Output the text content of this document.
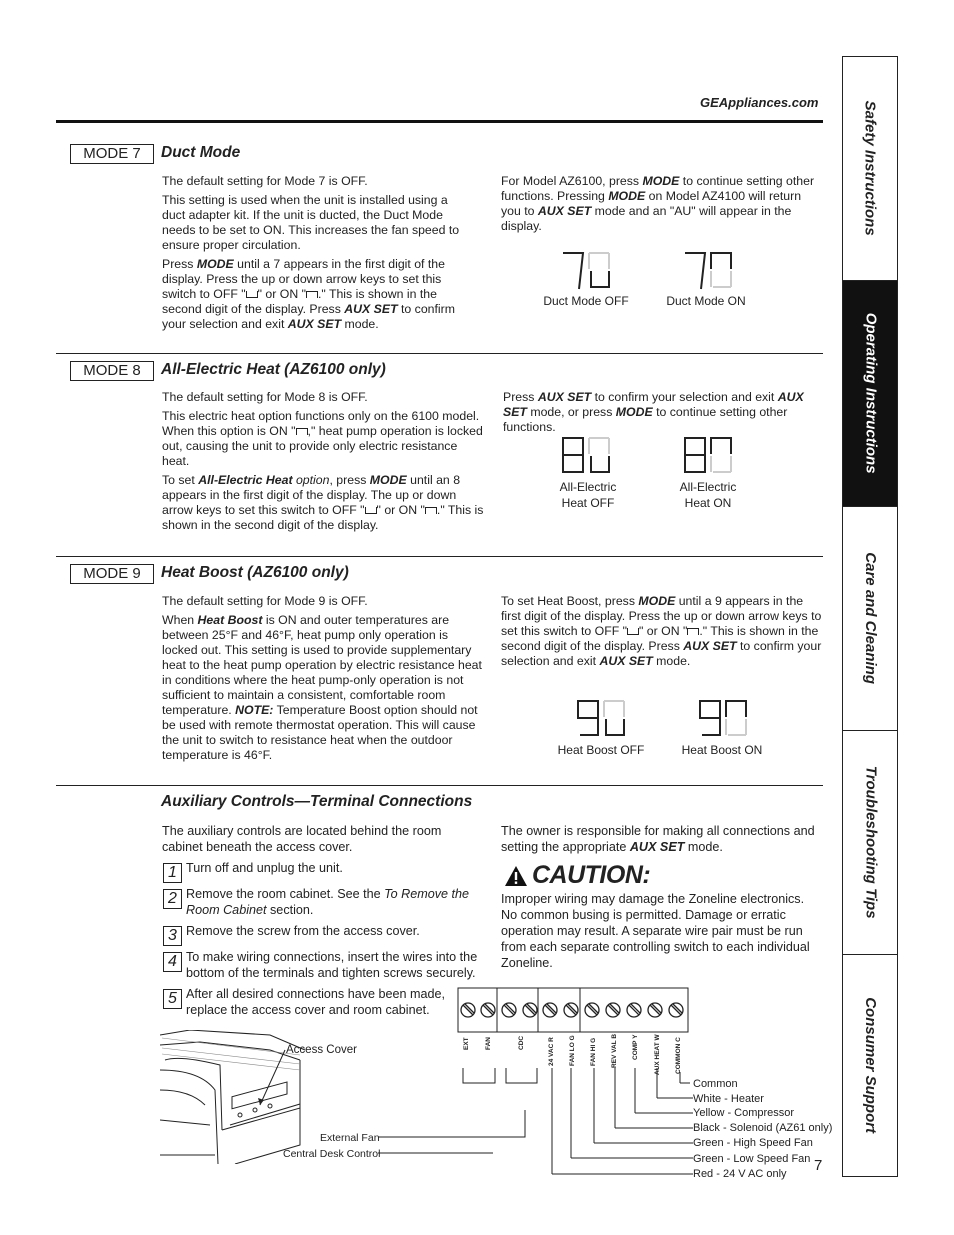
GEAppliances.com	Safety Instructions
Operating Instructions
Care and Cleaning
Troubleshooting Tips
Consumer Support
MODE 7	Duct Mode

The default setting for Mode 7 is OFF.

This setting is used when the unit is installed using a duct adapter kit. If the unit is ducted, the Duct Mode needs to be set to ON. This increases the fan speed to ensure proper circulation.

Press MODE until a 7 appears in the first digit of the display. Press the up or down arrow keys to set this switch to OFF " " or ON " ." This is shown in the second digit of the display. Press AUX SET to confirm your selection and exit AUX SET mode.

For Model AZ6100, press MODE to continue setting other functions. Pressing MODE on Model AZ4100 will return you to AUX SET mode and an "AU" will appear in the display.

Duct Mode OFF	Duct Mode ON
MODE 8	All-Electric Heat (AZ6100 only)

The default setting for Mode 8 is OFF.

This electric heat option functions only on the 6100 model. When this option is ON " ," heat pump operation is locked out, causing the unit to provide only electric resistance heat.

To set All-Electric Heat option, press MODE until an 8 appears in the first digit of the display. The up or down arrow keys to set this switch to OFF " " or ON " ." This is shown in the second digit of the display.

Press AUX SET to confirm your selection and exit AUX SET mode, or press MODE to continue setting other functions.

All-Electric
Heat OFF
All-Electric
Heat ON
MODE 9	Heat Boost (AZ6100 only)

The default setting for Mode 9 is OFF.

When Heat Boost is ON and outer temperatures are between 25°F and 46°F, heat pump only operation is locked out. This setting is used to provide supplementary heat to the heat pump operation by electric resistance heat in conditions where the heat pump-only operation is not sufficient to maintain a consistent, comfortable room temperature. NOTE: Temperature Boost option should not be used with remote thermostat operation. This will cause the unit to switch to resistance heat when the outdoor temperature is 46°F.

To set Heat Boost, press MODE until a 9 appears in the first digit of the display. Press the up or down arrow keys to set this switch to OFF " " or ON " ." This is shown in the second digit of the display. Press AUX SET to confirm your selection and exit AUX SET mode.

Heat Boost OFF	Heat Boost ON
Auxiliary Controls—Terminal Connections
The auxiliary controls are located behind the room cabinet beneath the access cover.
1 Turn off and unplug the unit.
2 Remove the room cabinet. See the To Remove the Room Cabinet section.
3 Remove the screw from the access cover.
4 To make wiring connections, insert the wires into the bottom of the terminals and tighten screws securely.
5 After all desired connections have been made, replace the access cover and room cabinet.
The owner is responsible for making all connections and setting the appropriate AUX SET mode.
CAUTION:
Improper wiring may damage the Zoneline electronics. No common busing is permitted. Damage or erratic operation may result. A separate wire pair must be run from each separate controlling switch to each individual Zoneline.
Access Cover
External Fan
Central Desk Control
EXT FAN	CDC	24 VAC R FAN LO G FAN HI G REV VAL B COMP Y AUX HEAT W COMMON C
Common
White - Heater
Yellow - Compressor
Black - Solenoid (AZ61 only)
Green - High Speed Fan
Green - Low Speed Fan
Red - 24 V AC only 7
